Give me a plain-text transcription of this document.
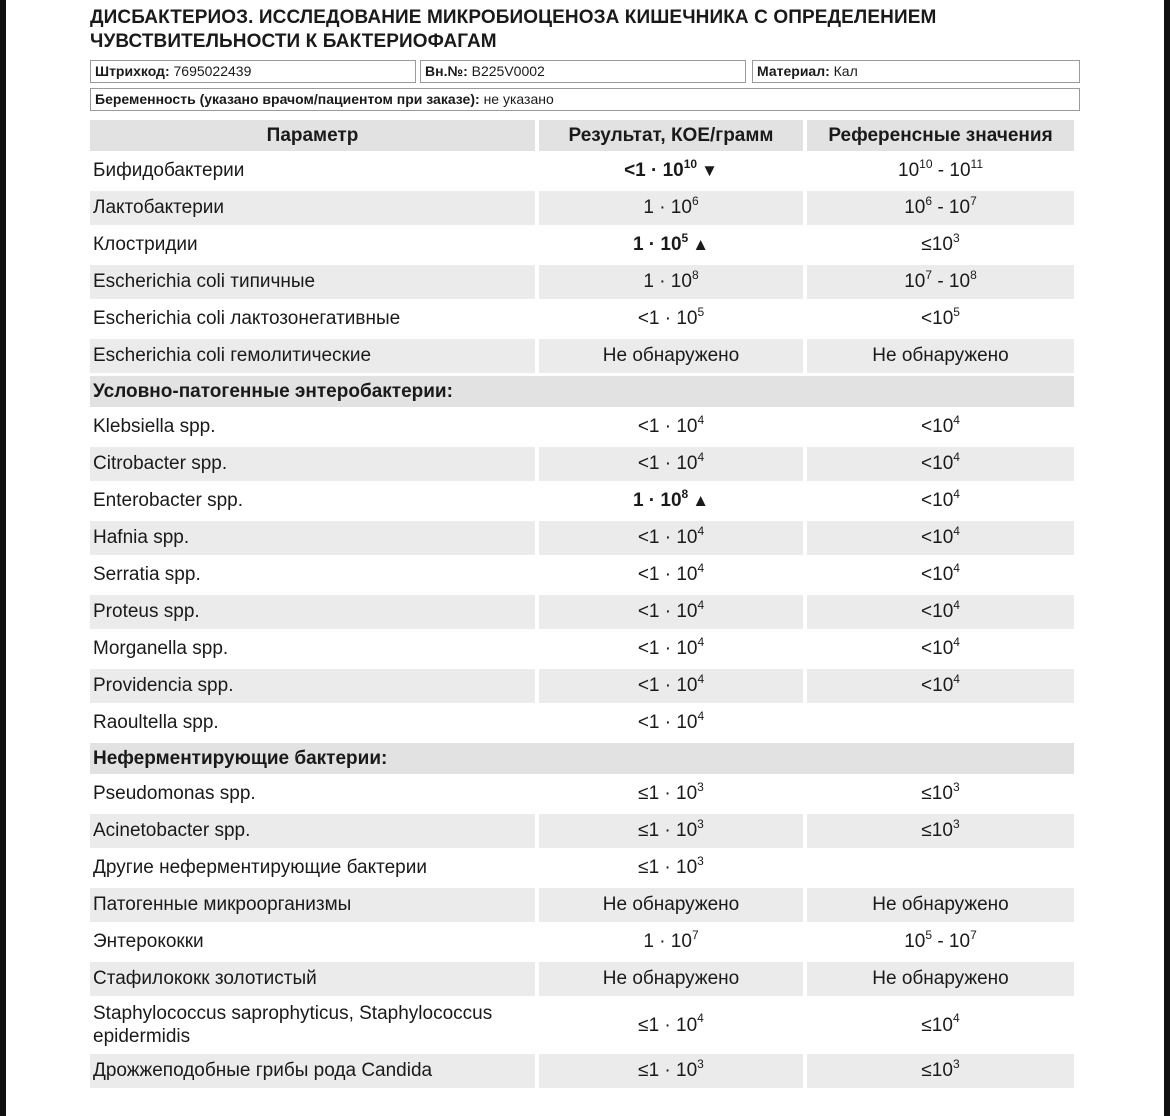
ДИСБАКТЕРИОЗ. ИССЛЕДОВАНИЕ МИКРОБИОЦЕНОЗА КИШЕЧНИКА С ОПРЕДЕЛЕНИЕМ ЧУВСТВИТЕЛЬНОСТИ К БАКТЕРИОФАГАМ
Штрихкод: 7695022439	Вн.№: B225V0002	Материал: Кал
Беременность (указано врачом/пациентом при заказе): не указано
Параметр	Результат, КОЕ/грамм	Референсные значения
Бифидобактерии	$<1 \cdot 10^{10}$ ▼	$10^{10} - 10^{11}$
Лактобактерии	$1 \cdot 10^6$	$10^6 - 10^7$
Клостридии	$1 \cdot 10^5$ ▲	$\le 10^3$
Escherichia coli типичные	$1 \cdot 10^8$	$10^7 - 10^8$
Escherichia coli лактозонегативные	$<1 \cdot 10^5$	$<10^5$
Escherichia coli гемолитические	Не обнаружено	Не обнаружено
Условно-патогенные энтеробактерии:		
Klebsiella spp.	$<1 \cdot 10^4$	$<10^4$
Citrobacter spp.	$<1 \cdot 10^4$	$<10^4$
Enterobacter spp.	$1 \cdot 10^8$ ▲	$<10^4$
Hafnia spp.	$<1 \cdot 10^4$	$<10^4$
Serratia spp.	$<1 \cdot 10^4$	$<10^4$
Proteus spp.	$<1 \cdot 10^4$	$<10^4$
Morganella spp.	$<1 \cdot 10^4$	$<10^4$
Providencia spp.	$<1 \cdot 10^4$	$<10^4$
Raoultella spp.	$<1 \cdot 10^4$	
Неферментирующие бактерии:		
Pseudomonas spp.	$\le 1 \cdot 10^3$	$\le 10^3$
Acinetobacter spp.	$\le 1 \cdot 10^3$	$\le 10^3$
Другие неферментирующие бактерии	$\le 1 \cdot 10^3$	
Патогенные микроорганизмы	Не обнаружено	Не обнаружено
Энтерококки	$1 \cdot 10^7$	$10^5 - 10^7$
Стафилококк золотистый	Не обнаружено	Не обнаружено
Staphylococcus saprophyticus, Staphylococcus epidermidis	$\le 1 \cdot 10^4$	$\le 10^4$
Дрожжеподобные грибы рода Candida	$\le 1 \cdot 10^3$	$\le 10^3$
